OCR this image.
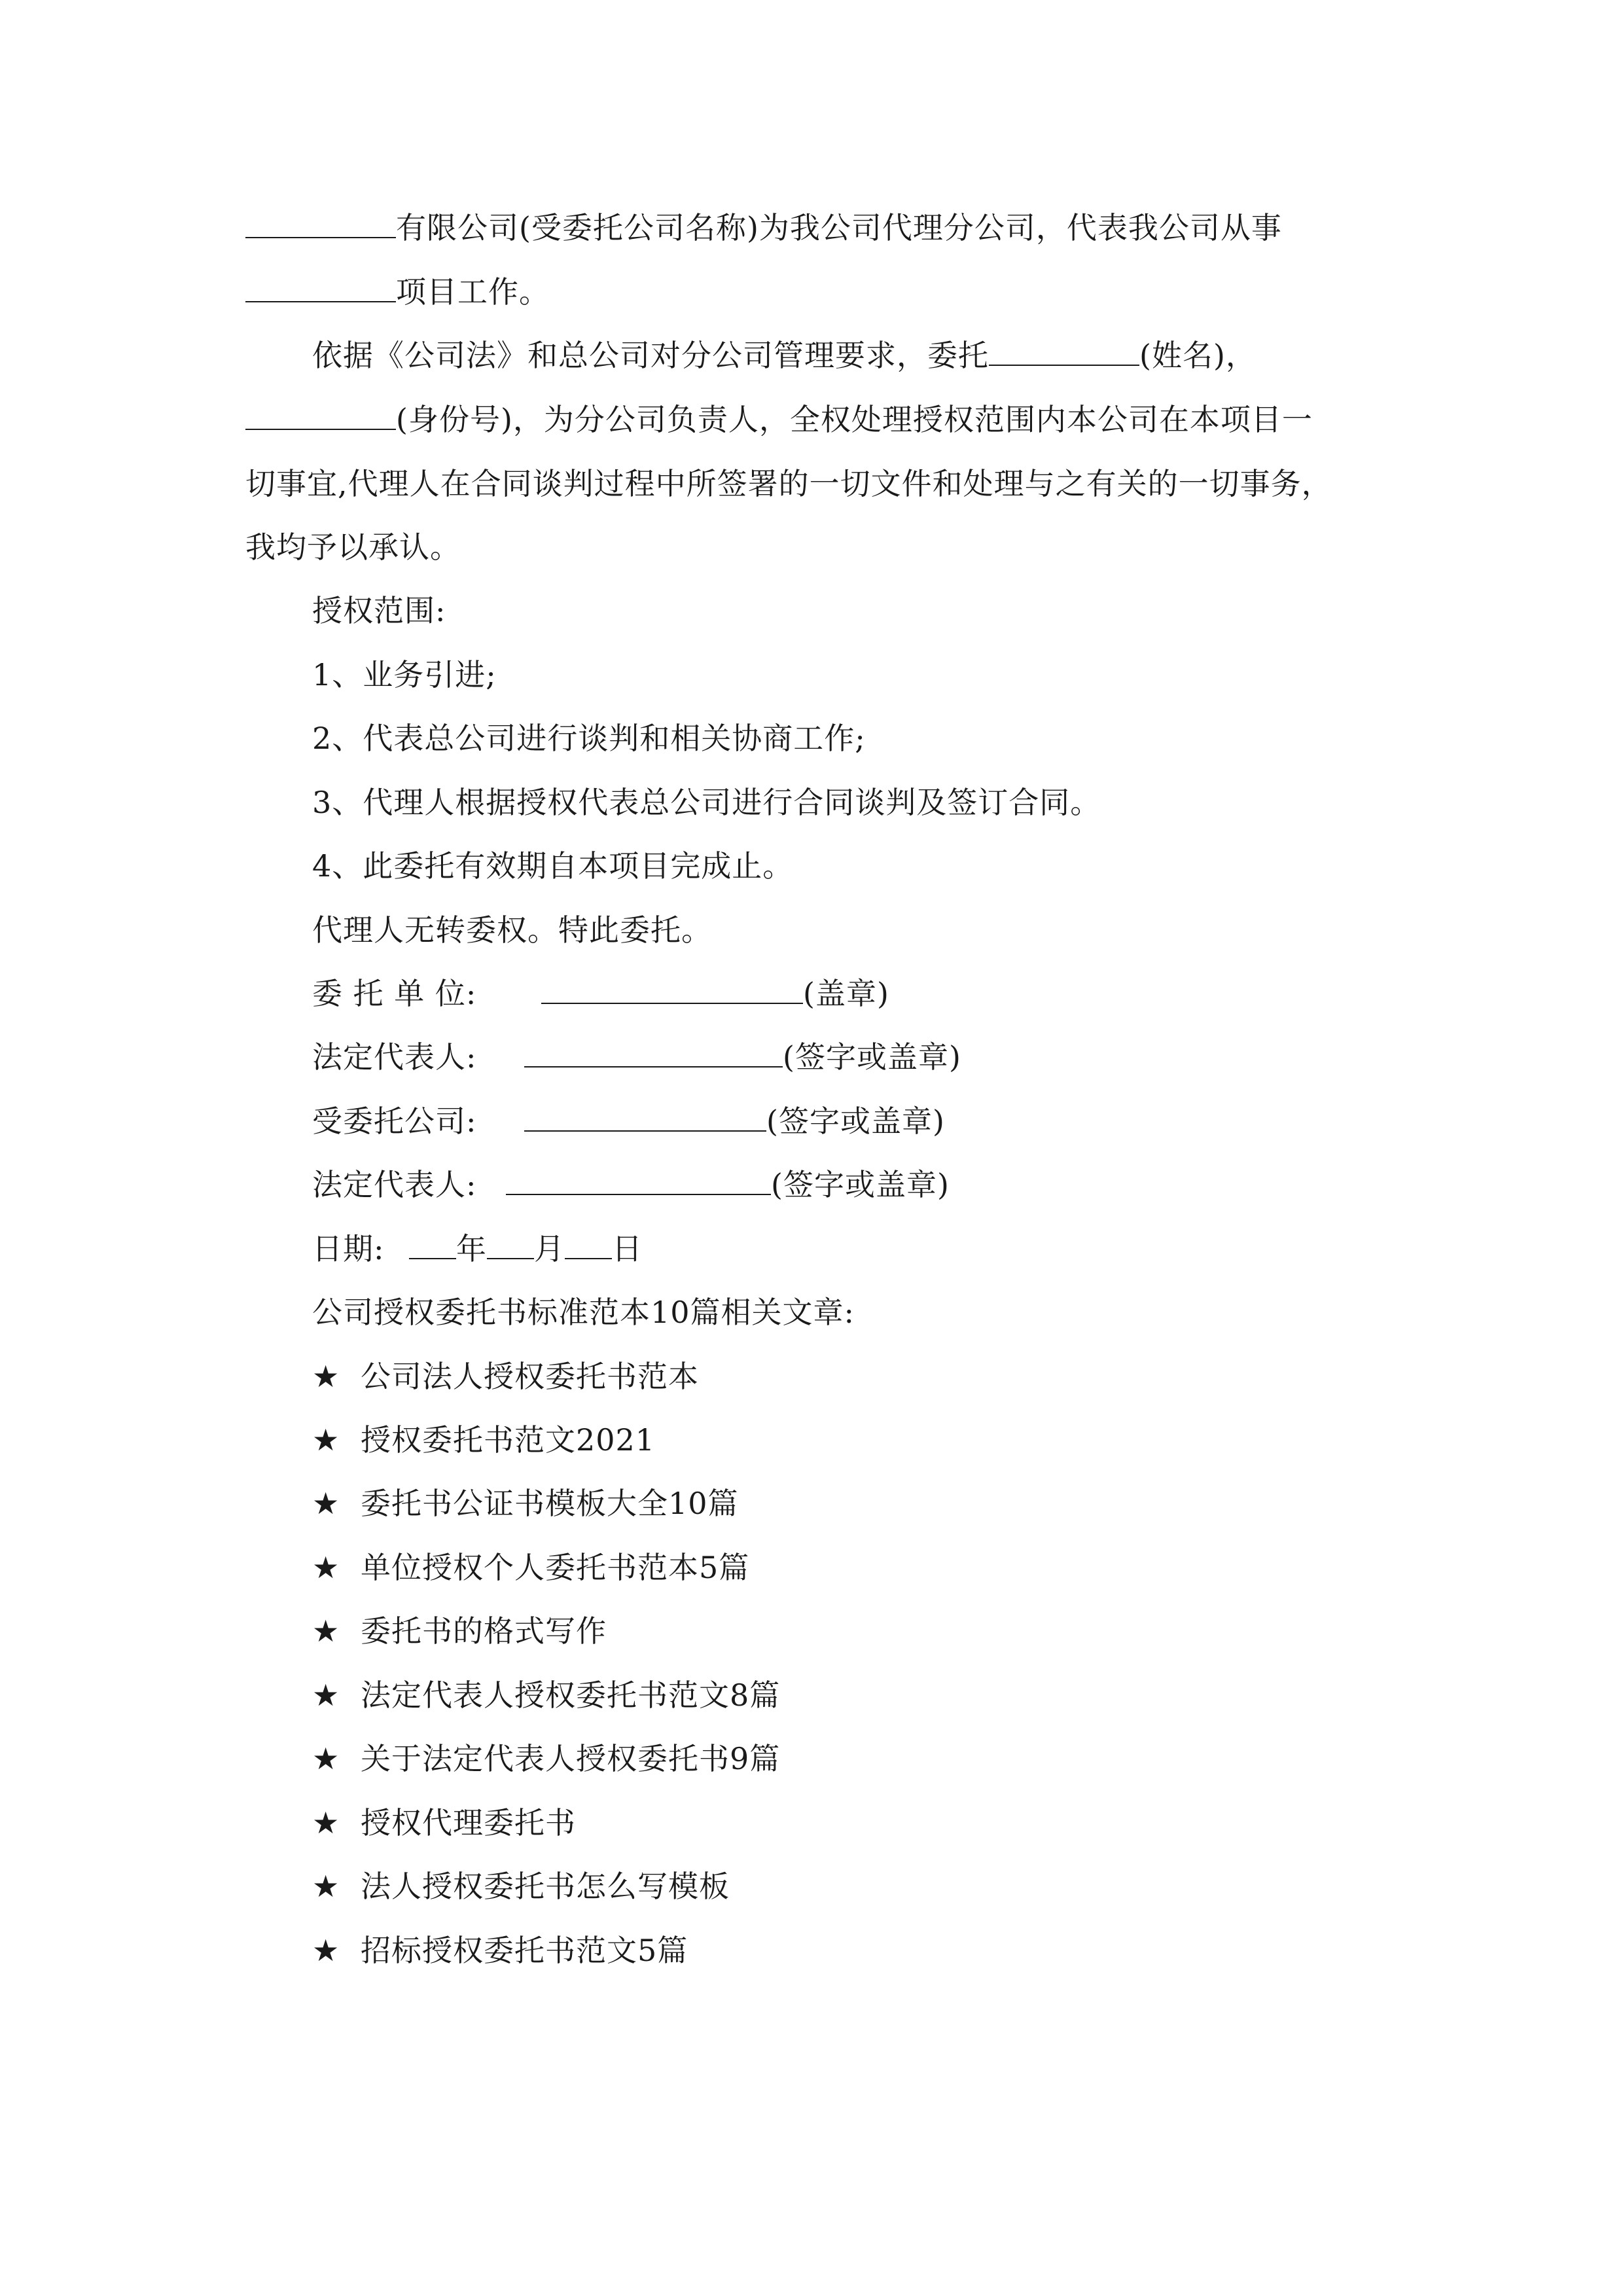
有限公司(受委托公司名称)为我公司代理分公司，代表我公司从事
项目工作。
依据《公司法》和总公司对分公司管理要求，委托	(姓名)，
(身份号)，为分公司负责人，全权处理授权范围内本公司在本项目一
切事宜,代理人在合同谈判过程中所签署的一切文件和处理与之有关的一切事务，
我均予以承认。
授权范围:
1、业务引进;
2、代表总公司进行谈判和相关协商工作;
3、代理人根据授权代表总公司进行合同谈判及签订合同。
4、此委托有效期自本项目完成止。
代理人无转委权。特此委托。
委 托 单 位:	(盖章)
法定代表人:	(签字或盖章)
受委托公司:	(签字或盖章)
法定代表人:	(签字或盖章)
日期: 年 月 日
公司授权委托书标准范本10篇相关文章:
★ 公司法人授权委托书范本
★ 授权委托书范文2021
★ 委托书公证书模板大全10篇
★ 单位授权个人委托书范本5篇
★ 委托书的格式写作
★ 法定代表人授权委托书范文8篇
★ 关于法定代表人授权委托书9篇
★ 授权代理委托书
★ 法人授权委托书怎么写模板
★ 招标授权委托书范文5篇
